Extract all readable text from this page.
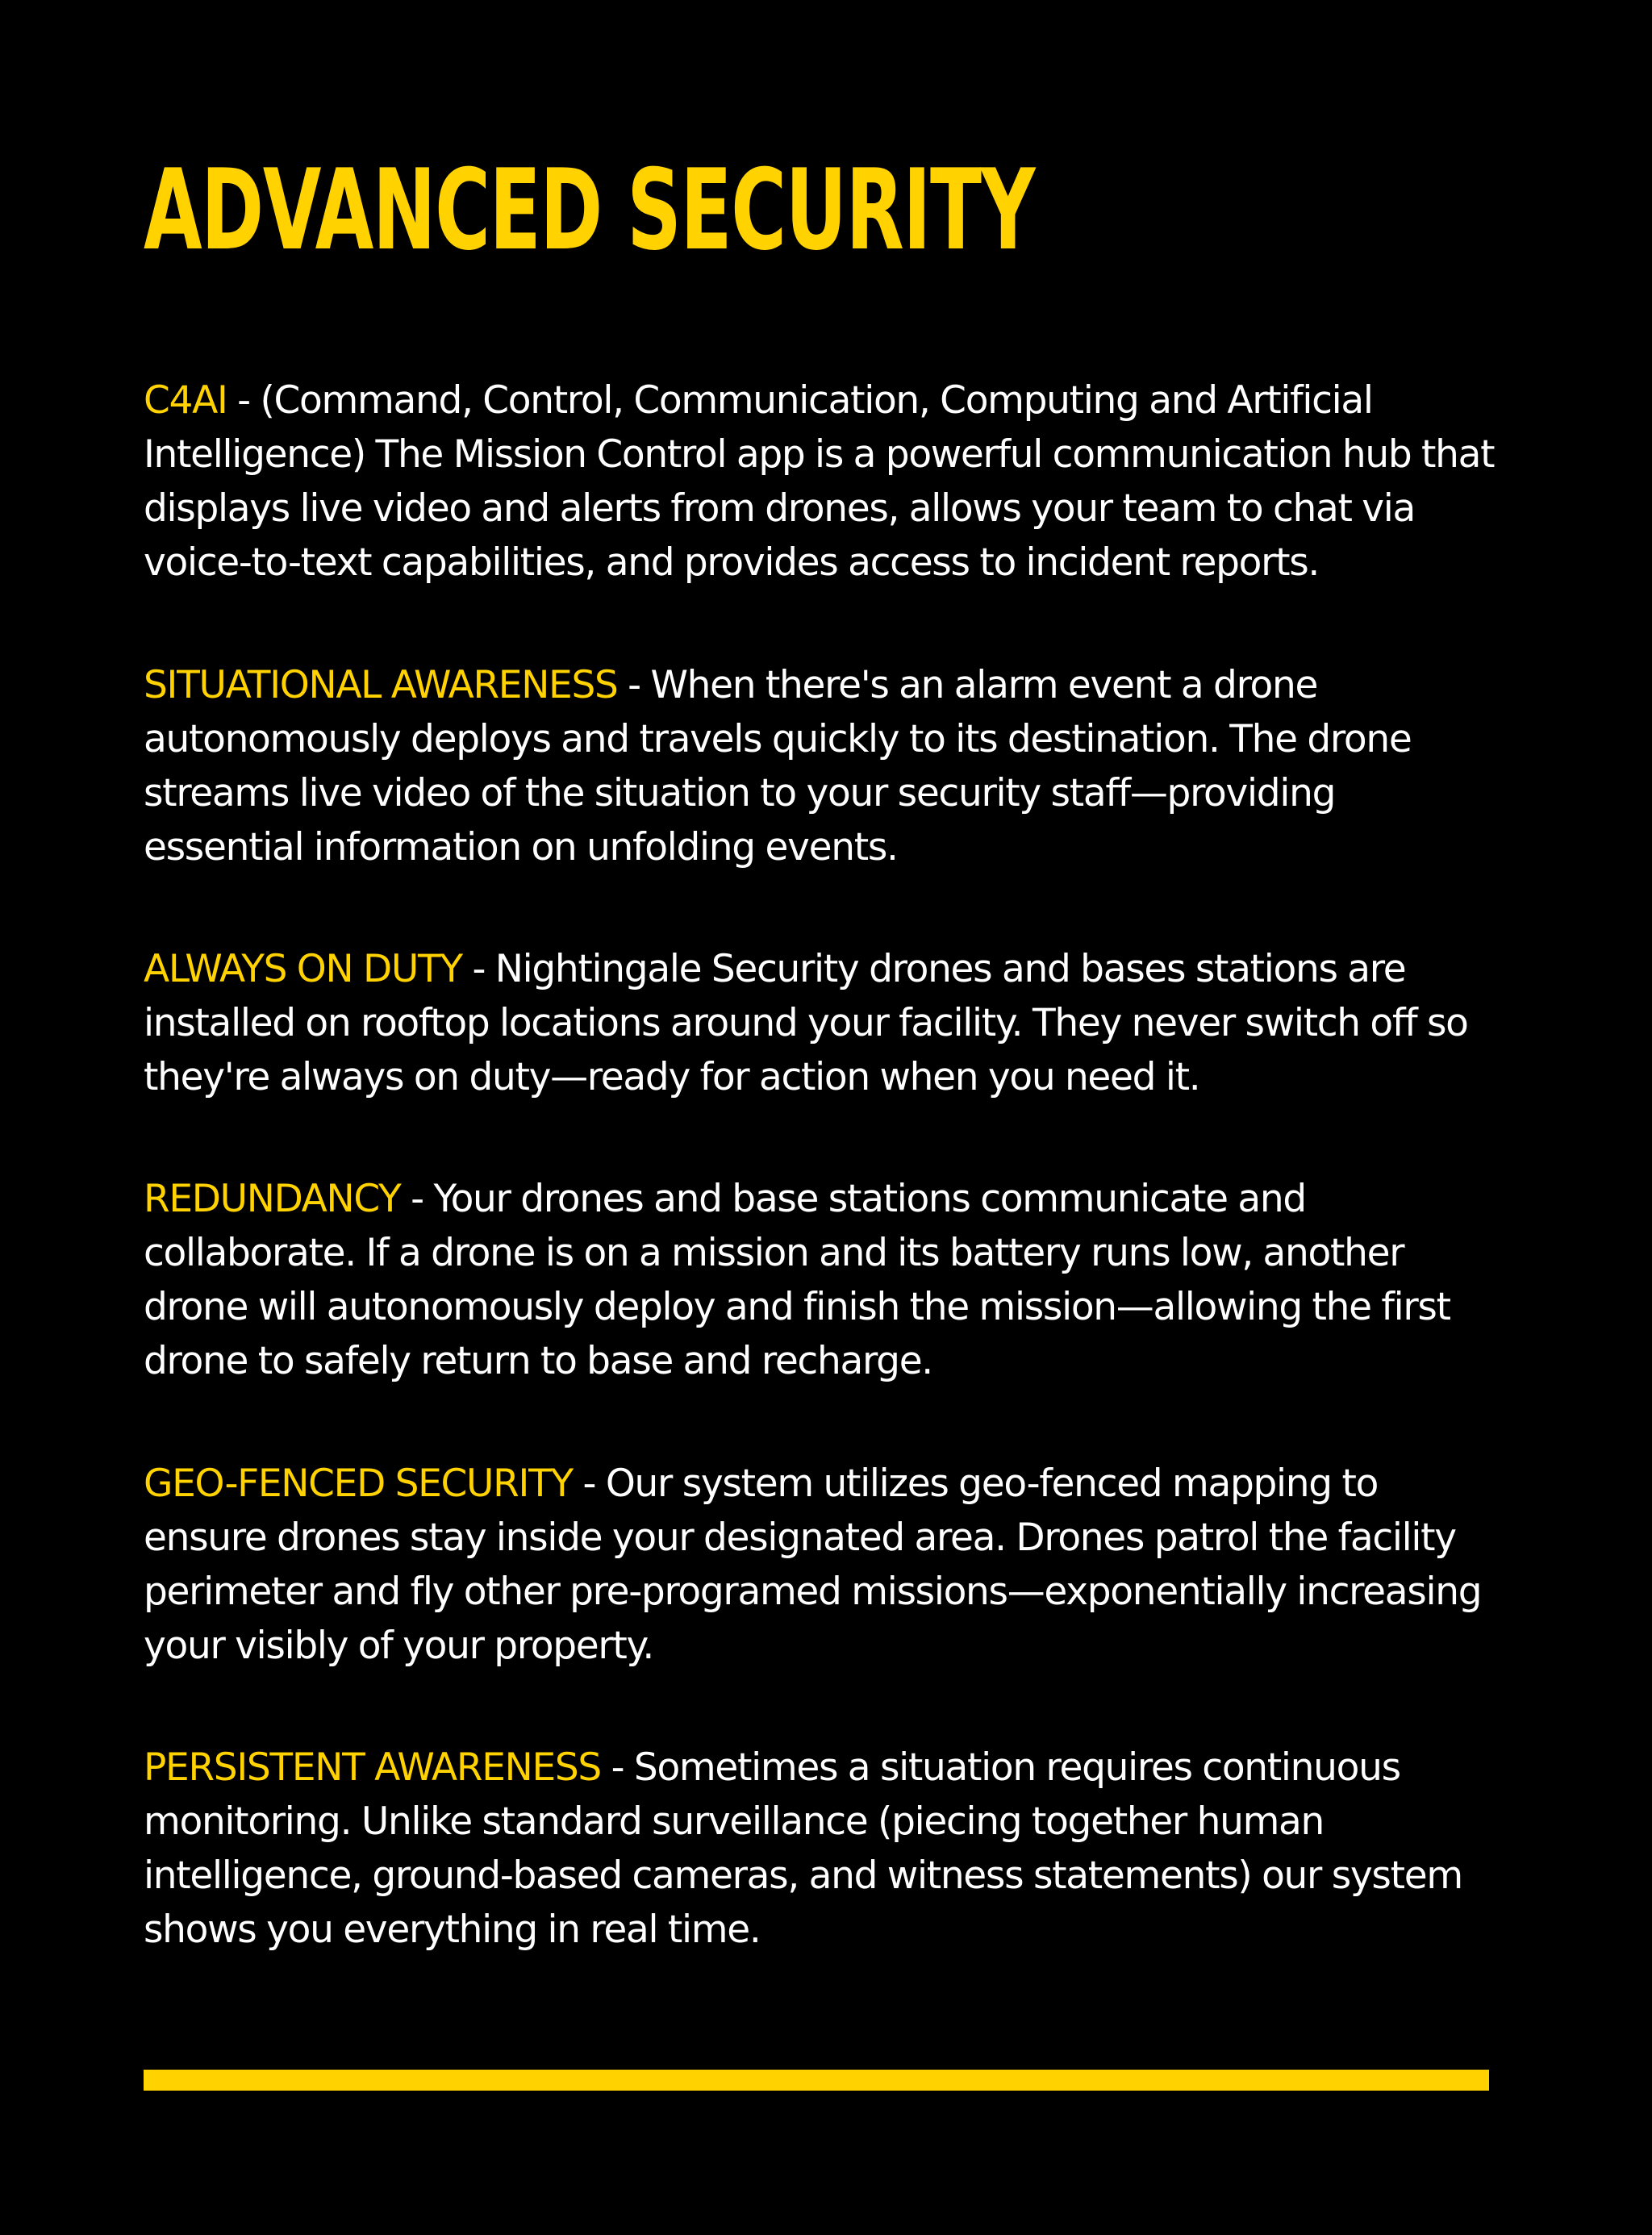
ADVANCED SECURITY

C4AI - (Command, Control, Communication, Computing and Artificial Intelligence) The Mission Control app is a powerful communication hub that displays live video and alerts from drones, allows your team to chat via voice-to-text capabilities, and provides access to incident reports.

SITUATIONAL AWARENESS - When there's an alarm event a drone autonomously deploys and travels quickly to its destination. The drone streams live video of the situation to your security staff—providing essential information on unfolding events.

ALWAYS ON DUTY - Nightingale Security drones and bases stations are installed on rooftop locations around your facility. They never switch off so they're always on duty—ready for action when you need it.

REDUNDANCY - Your drones and base stations communicate and collaborate. If a drone is on a mission and its battery runs low, another drone will autonomously deploy and finish the mission—allowing the first drone to safely return to base and recharge.

GEO-FENCED SECURITY - Our system utilizes geo-fenced mapping to ensure drones stay inside your designated area. Drones patrol the facility perimeter and fly other pre-programed missions—exponentially increasing your visibly of your property.

PERSISTENT AWARENESS - Sometimes a situation requires continuous monitoring. Unlike standard surveillance (piecing together human intelligence, ground-based cameras, and witness statements) our system shows you everything in real time.
